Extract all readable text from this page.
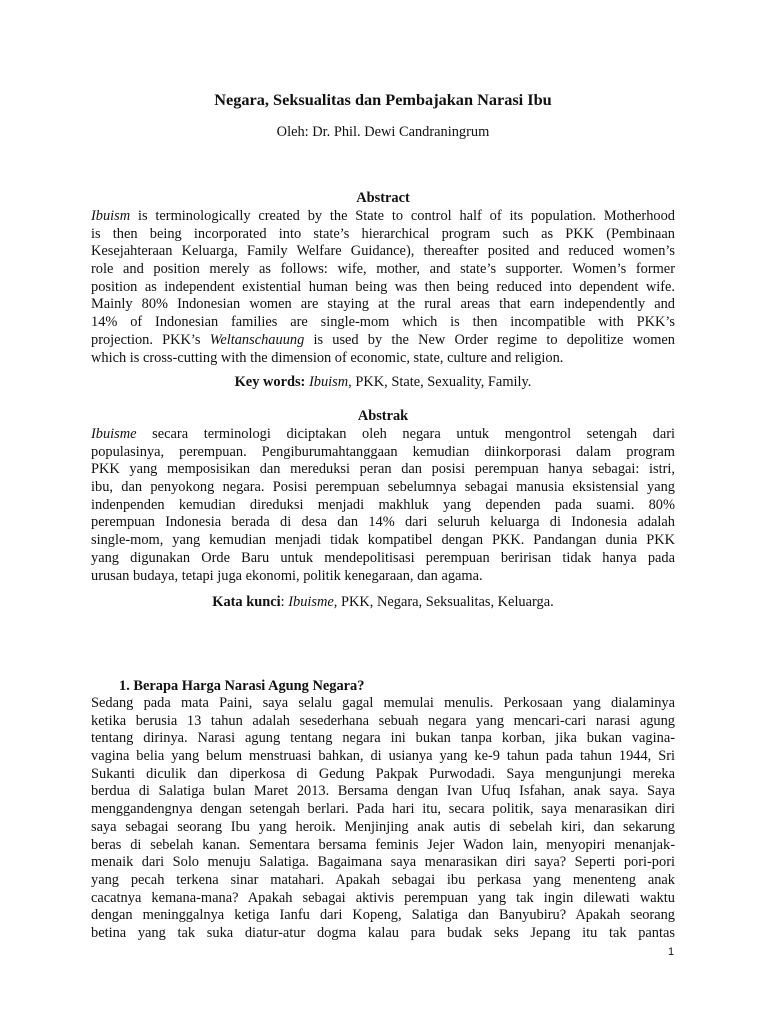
Negara, Seksualitas dan Pembajakan Narasi Ibu
Oleh: Dr. Phil. Dewi Candraningrum
Abstract
Ibuism is terminologically created by the State to control half of its population. Motherhood
is then being incorporated into state’s hierarchical program such as PKK (Pembinaan
Kesejahteraan Keluarga, Family Welfare Guidance), thereafter posited and reduced women’s
role and position merely as follows: wife, mother, and state’s supporter. Women’s former
position as independent existential human being was then being reduced into dependent wife.
Mainly 80% Indonesian women are staying at the rural areas that earn independently and
14% of Indonesian families are single-mom which is then incompatible with PKK’s
projection. PKK’s Weltanschauung is used by the New Order regime to depolitize women
which is cross-cutting with the dimension of economic, state, culture and religion.
Key words: Ibuism, PKK, State, Sexuality, Family.
Abstrak
Ibuisme secara terminologi diciptakan oleh negara untuk mengontrol setengah dari
populasinya, perempuan. Pengiburumahtanggaan kemudian diinkorporasi dalam program
PKK yang memposisikan dan mereduksi peran dan posisi perempuan hanya sebagai: istri,
ibu, dan penyokong negara. Posisi perempuan sebelumnya sebagai manusia eksistensial yang
indenpenden kemudian direduksi menjadi makhluk yang dependen pada suami. 80%
perempuan Indonesia berada di desa dan 14% dari seluruh keluarga di Indonesia adalah
single-mom, yang kemudian menjadi tidak kompatibel dengan PKK. Pandangan dunia PKK
yang digunakan Orde Baru untuk mendepolitisasi perempuan beririsan tidak hanya pada
urusan budaya, tetapi juga ekonomi, politik kenegaraan, dan agama.
Kata kunci: Ibuisme, PKK, Negara, Seksualitas, Keluarga.
1. Berapa Harga Narasi Agung Negara?
Sedang pada mata Paini, saya selalu gagal memulai menulis. Perkosaan yang dialaminya
ketika berusia 13 tahun adalah sesederhana sebuah negara yang mencari-cari narasi agung
tentang dirinya. Narasi agung tentang negara ini bukan tanpa korban, jika bukan vagina-
vagina belia yang belum menstruasi bahkan, di usianya yang ke-9 tahun pada tahun 1944, Sri
Sukanti diculik dan diperkosa di Gedung Pakpak Purwodadi. Saya mengunjungi mereka
berdua di Salatiga bulan Maret 2013. Bersama dengan Ivan Ufuq Isfahan, anak saya. Saya
menggandengnya dengan setengah berlari. Pada hari itu, secara politik, saya menarasikan diri
saya sebagai seorang Ibu yang heroik. Menjinjing anak autis di sebelah kiri, dan sekarung
beras di sebelah kanan. Sementara bersama feminis Jejer Wadon lain, menyopiri menanjak-
menaik dari Solo menuju Salatiga. Bagaimana saya menarasikan diri saya? Seperti pori-pori
yang pecah terkena sinar matahari. Apakah sebagai ibu perkasa yang menenteng anak
cacatnya kemana-mana? Apakah sebagai aktivis perempuan yang tak ingin dilewati waktu
dengan meninggalnya ketiga Ianfu dari Kopeng, Salatiga dan Banyubiru? Apakah seorang
betina yang tak suka diatur-atur dogma kalau para budak seks Jepang itu tak pantas
1
